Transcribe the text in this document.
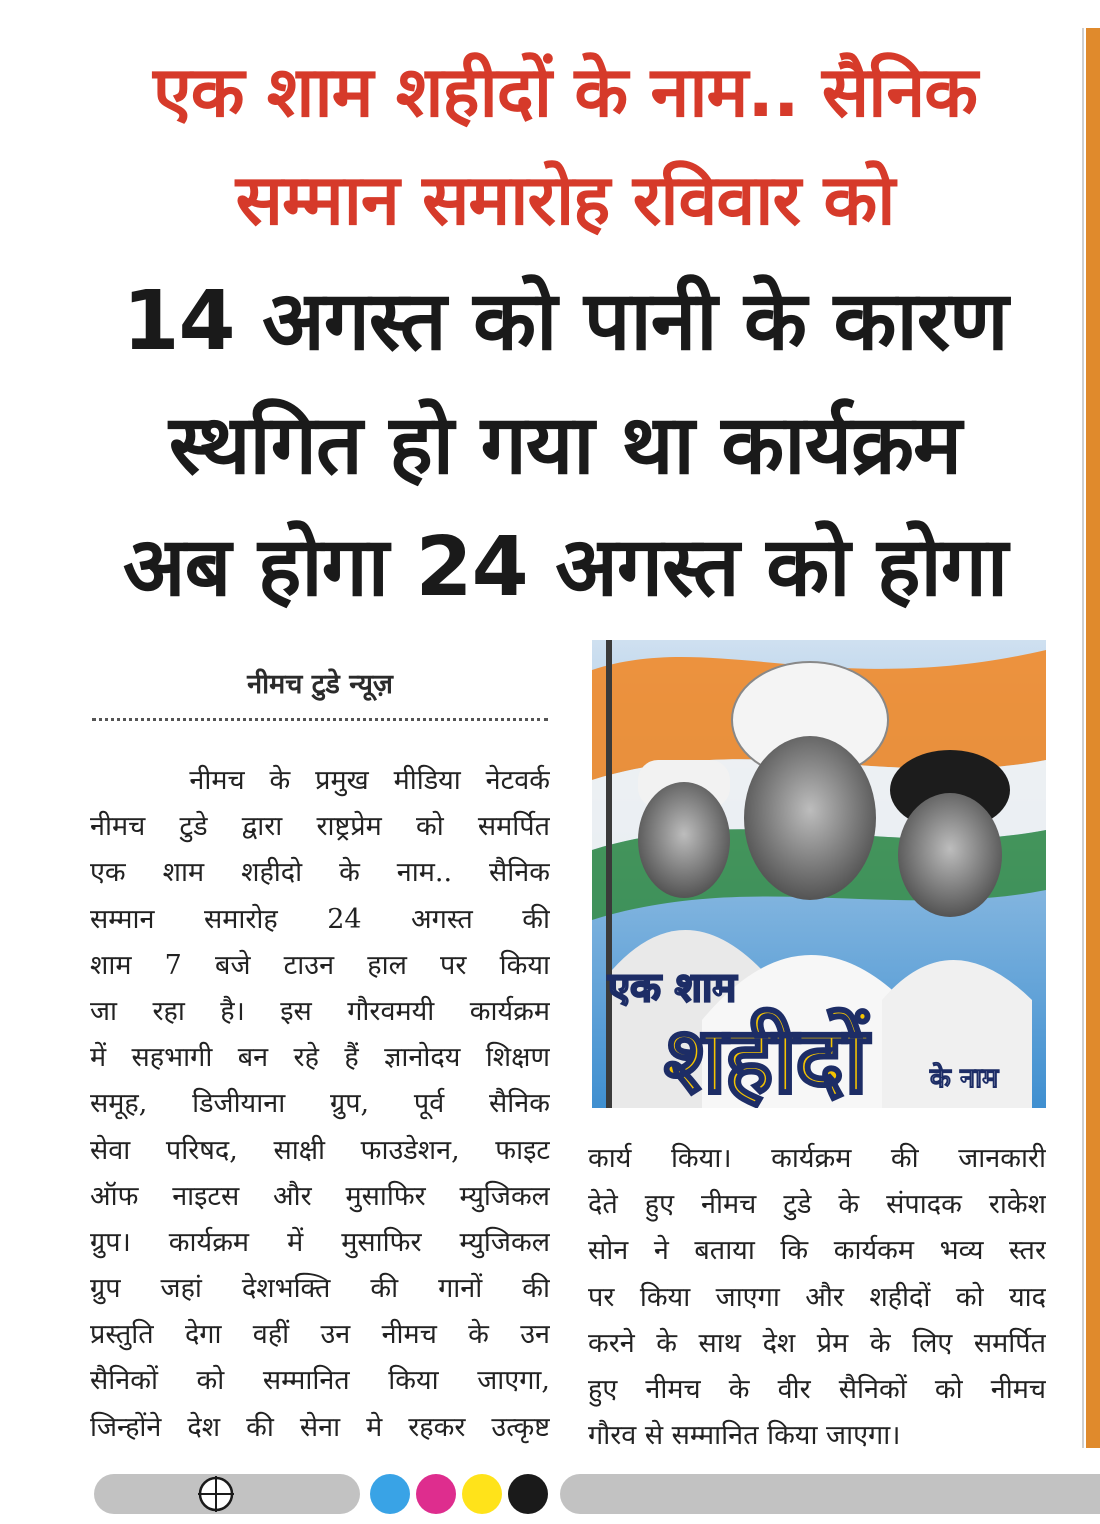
एक शाम शहीदों के नाम.. सैनिक
सम्मान समारोह रविवार को
14 अगस्त को पानी के कारण
स्थगित हो गया था कार्यक्रम
अब होगा 24 अगस्त को होगा
नीमच टुडे न्यूज़
नीमच के प्रमुख मीडिया नेटवर्क
नीमच टुडे द्वारा राष्ट्रप्रेम को समर्पित
एक शाम शहीदो के नाम.. सैनिक
सम्मान समारोह 24 अगस्त की
शाम 7 बजे टाउन हाल पर किया
जा रहा है। इस गौरवमयी कार्यक्रम
में सहभागी बन रहे हैं ज्ञानोदय शिक्षण
समूह, डिजीयाना ग्रुप, पूर्व सैनिक
सेवा परिषद, साक्षी फाउडेशन, फाइट
ऑफ नाइटस और मुसाफिर म्युजिकल
ग्रुप। कार्यक्रम में मुसाफिर म्युजिकल
ग्रुप जहां देशभक्ति की गानों की
प्रस्तुति देगा वहीं उन नीमच के उन
सैनिकों को सम्मानित किया जाएगा,
जिन्होंने देश की सेना मे रहकर उत्कृष्ट
एक शाम
शहीदों के नाम
कार्य किया। कार्यक्रम की जानकारी
देते हुए नीमच टुडे के संपादक राकेश
सोन ने बताया कि कार्यकम भव्य स्तर
पर किया जाएगा और शहीदों को याद
करने के साथ देश प्रेम के लिए समर्पित
हुए नीमच के वीर सैनिकों को नीमच
गौरव से सम्मानित किया जाएगा।
